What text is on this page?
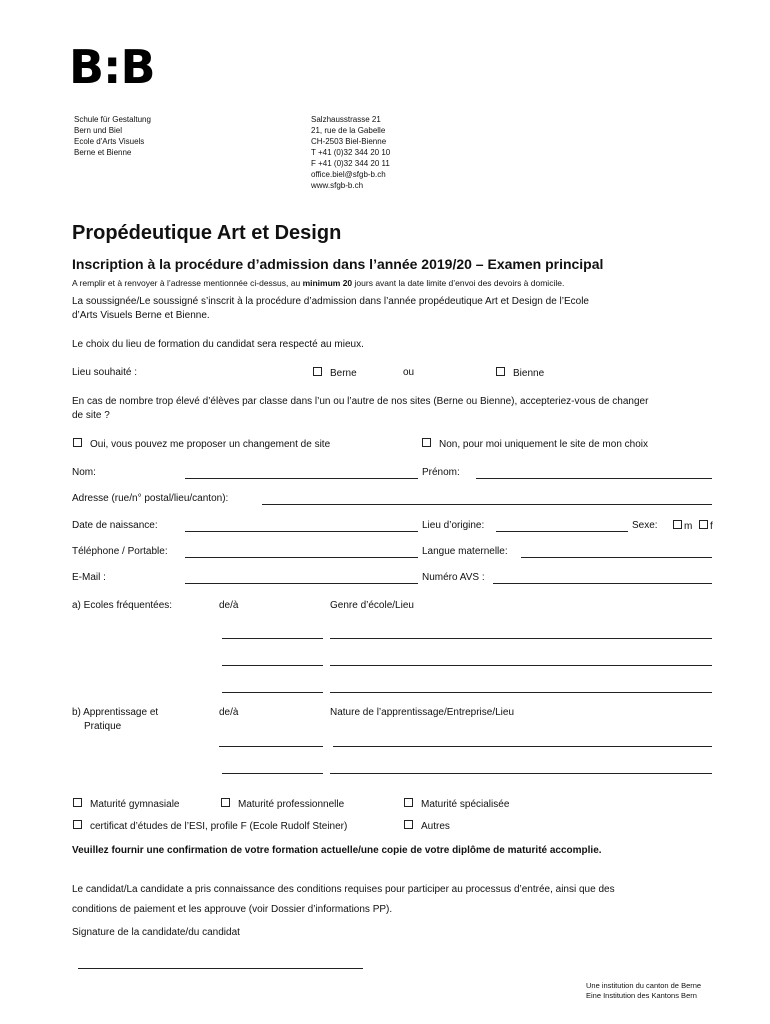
B:B
Schule für Gestaltung
Bern und Biel
Ecole d'Arts Visuels
Berne et Bienne
Salzhausstrasse 21
21, rue de la Gabelle
CH-2503 Biel-Bienne
T +41 (0)32 344 20 10
F +41 (0)32 344 20 11
office.biel@sfgb-b.ch
www.sfgb-b.ch
Propédeutique Art et Design
Inscription à la procédure d’admission dans l’année 2019/20 – Examen principal
A remplir et à renvoyer à l’adresse mentionnée ci-dessus, au minimum 20 jours avant la date limite d’envoi des devoirs à domicile.
La soussignée/Le soussigné s’inscrit à la procédure d’admission dans l’année propédeutique Art et Design de l’Ecole
d’Arts Visuels Berne et Bienne.
Le choix du lieu de formation du candidat sera respecté au mieux.
Lieu souhaité :	Berne	ou	Bienne
En cas de nombre trop élevé d’élèves par classe dans l’un ou l’autre de nos sites (Berne ou Bienne), accepteriez-vous de changer
de site ?
Oui, vous pouvez me proposer un changement de site	Non, pour moi uniquement le site de mon choix
Nom:	Prénom:
Adresse (rue/n° postal/lieu/canton):
Date de naissance:	Lieu d’origine:	Sexe:	m	f
Téléphone / Portable:	Langue maternelle:
E-Mail :	Numéro AVS :
a) Ecoles fréquentées:	de/à	Genre d’école/Lieu
b) Apprentissage et
Pratique
de/à	Nature de l’apprentissage/Entreprise/Lieu
Maturité gymnasiale	Maturité professionnelle	Maturité spécialisée
certificat d’études de l’ESI, profile F (Ecole Rudolf Steiner)	Autres
Veuillez fournir une confirmation de votre formation actuelle/une copie de votre diplôme de maturité accomplie.
Le candidat/La candidate a pris connaissance des conditions requises pour participer au processus d’entrée, ainsi que des
conditions de paiement et les approuve (voir Dossier d’informations PP).
Signature de la candidate/du candidat
Une institution du canton de Berne
Eine Institution des Kantons Bern
